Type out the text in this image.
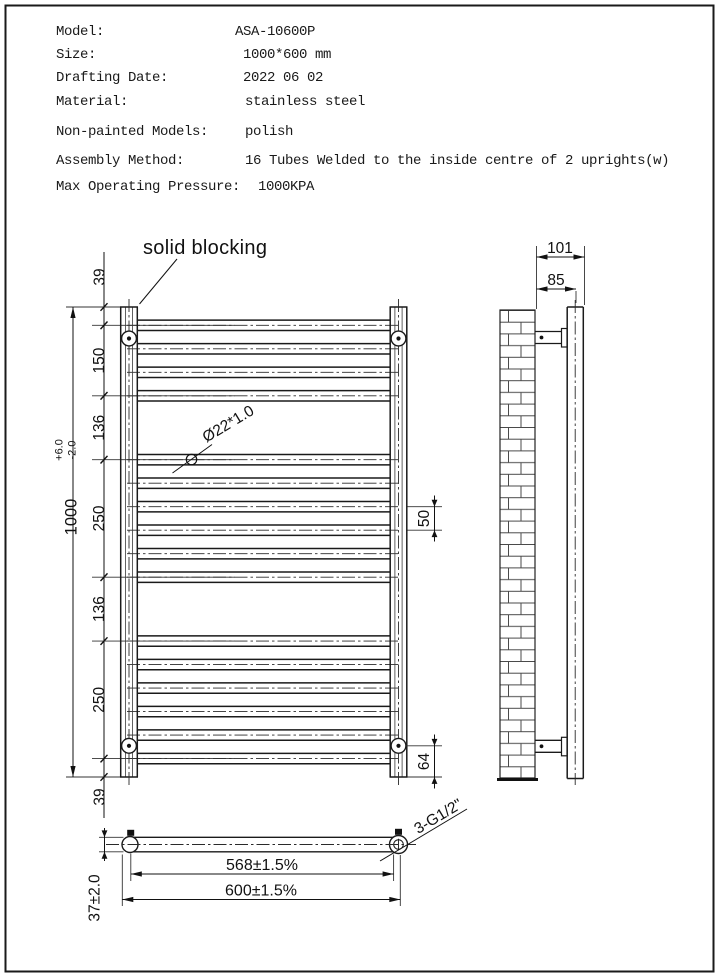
Model:	ASA-10600P
Size:	1000*600 mm
Drafting Date:	2022 06 02
Material:	stainless steel
Non-painted Models:	polish
Assembly Method:	16 Tubes Welded to the inside centre of 2 uprights(w)
Max Operating Pressure: 1000KPA
solid blocking
Ø22*1.0
39
150
136
250
136
250
39
1000
+6.0 -2.0
50
64
101
85
568±1.5%
600±1.5%
37±2.0
3-G1/2"
